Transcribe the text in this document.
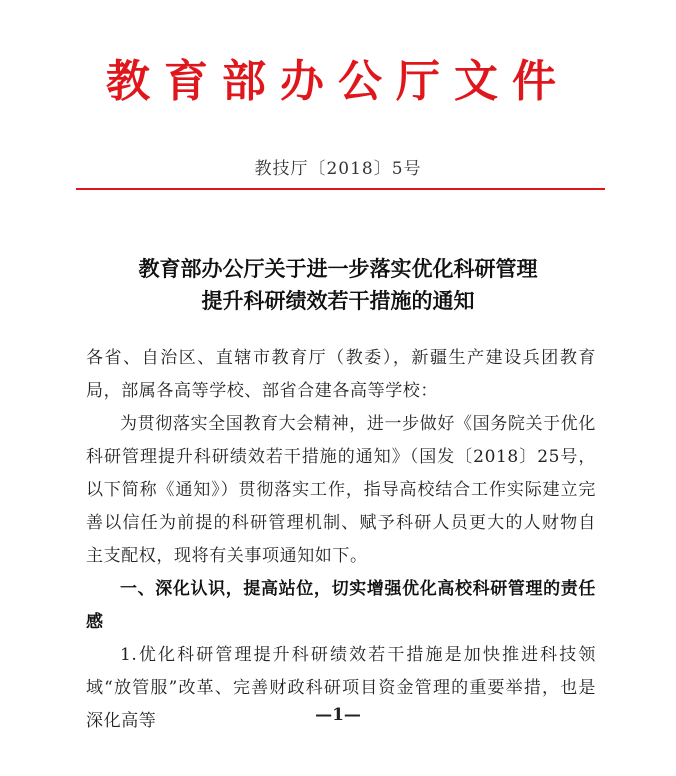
教育部办公厅文件
教技厅〔2018〕5号
教育部办公厅关于进一步落实优化科研管理
提升科研绩效若干措施的通知

各省、自治区、直辖市教育厅（教委），新疆生产建设兵团教育局，部属各高等学校、部省合建各高等学校：

为贯彻落实全国教育大会精神，进一步做好《国务院关于优化科研管理提升科研绩效若干措施的通知》（国发〔2018〕25号，以下简称《通知》）贯彻落实工作，指导高校结合工作实际建立完善以信任为前提的科研管理机制、赋予科研人员更大的人财物自主支配权，现将有关事项通知如下。

一、深化认识，提高站位，切实增强优化高校科研管理的责任感

1.优化科研管理提升科研绩效若干措施是加快推进科技领域“放管服”改革、完善财政科研项目资金管理的重要举措，也是深化高等	—1—
